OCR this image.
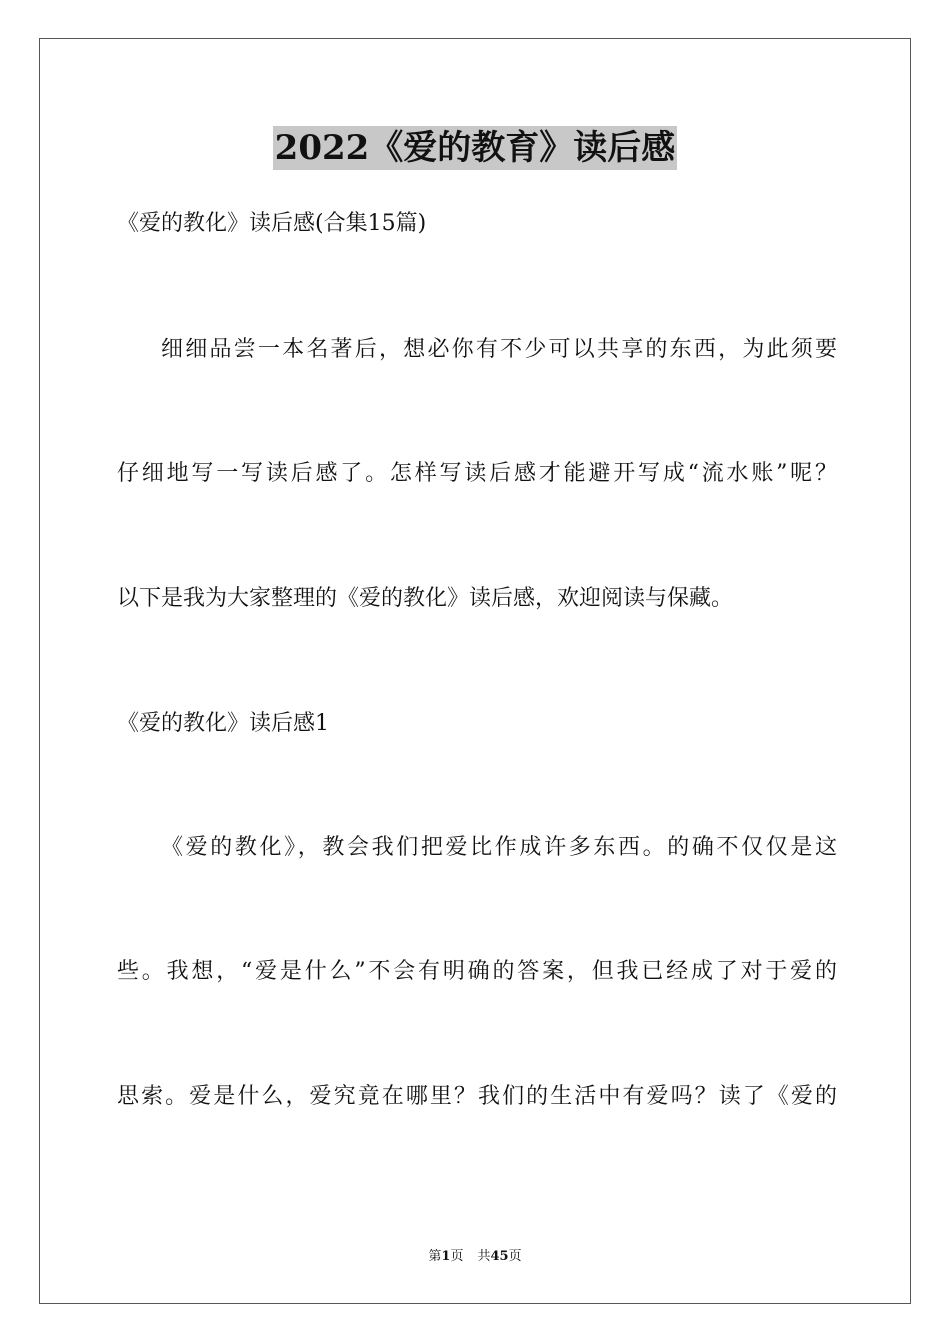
2022《爱的教育》读后感
《爱的教化》读后感(合集15篇)
细细品尝一本名著后，想必你有不少可以共享的东西，为此须要
仔细地写一写读后感了。怎样写读后感才能避开写成“流水账”呢？
以下是我为大家整理的《爱的教化》读后感，欢迎阅读与保藏。
《爱的教化》读后感1
《爱的教化》，教会我们把爱比作成许多东西。的确不仅仅是这
些。我想，“爱是什么”不会有明确的答案，但我已经成了对于爱的
思索。爱是什么，爱究竟在哪里？我们的生活中有爱吗？读了《爱的
第1页 共45页
